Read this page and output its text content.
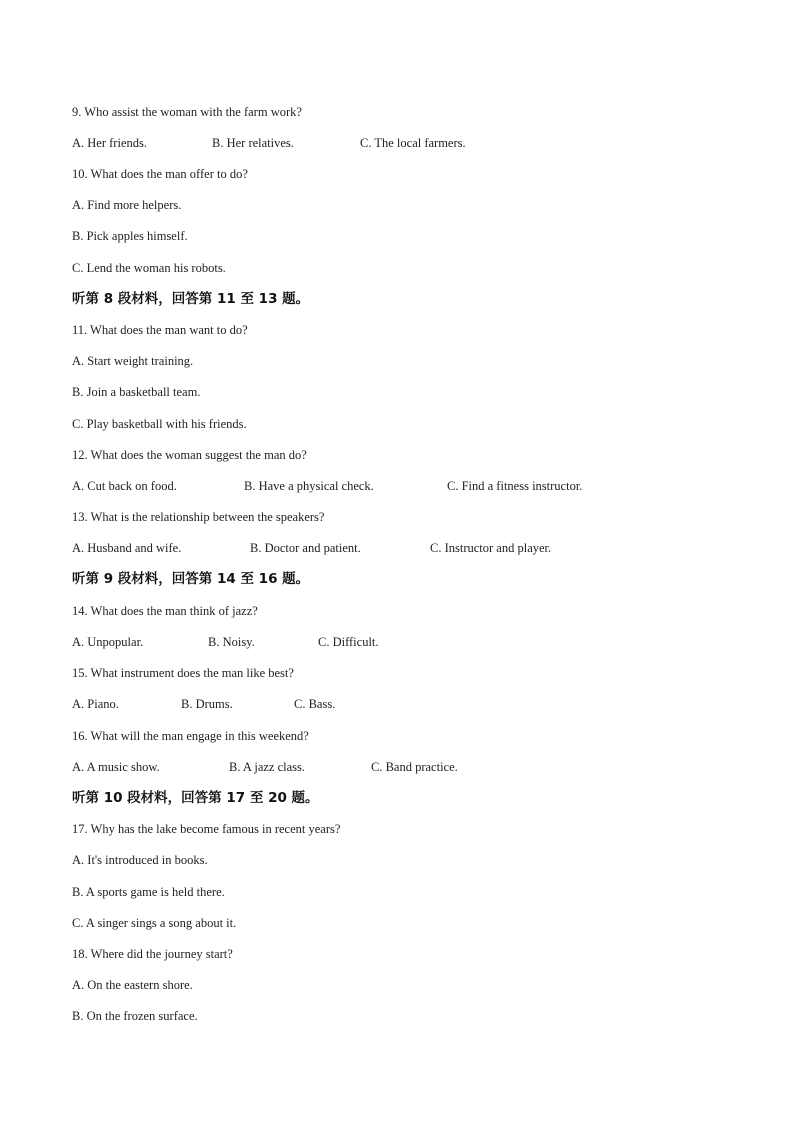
9. Who assist the woman with the farm work?
A. Her friends.	B. Her relatives.	C. The local farmers.
10. What does the man offer to do?
A. Find more helpers.
B. Pick apples himself.
C. Lend the woman his robots.
听第 8 段材料，回答第 11 至 13 题。
11. What does the man want to do?
A. Start weight training.
B. Join a basketball team.
C. Play basketball with his friends.
12. What does the woman suggest the man do?
A. Cut back on food.	B. Have a physical check.	C. Find a fitness instructor.
13. What is the relationship between the speakers?
A. Husband and wife.	B. Doctor and patient.	C. Instructor and player.
听第 9 段材料，回答第 14 至 16 题。
14. What does the man think of jazz?
A. Unpopular.	B. Noisy.	C. Difficult.
15. What instrument does the man like best?
A. Piano.	B. Drums.	C. Bass.
16. What will the man engage in this weekend?
A. A music show.	B. A jazz class.	C. Band practice.
听第 10 段材料，回答第 17 至 20 题。
17. Why has the lake become famous in recent years?
A. It's introduced in books.
B. A sports game is held there.
C. A singer sings a song about it.
18. Where did the journey start?
A. On the eastern shore.
B. On the frozen surface.
